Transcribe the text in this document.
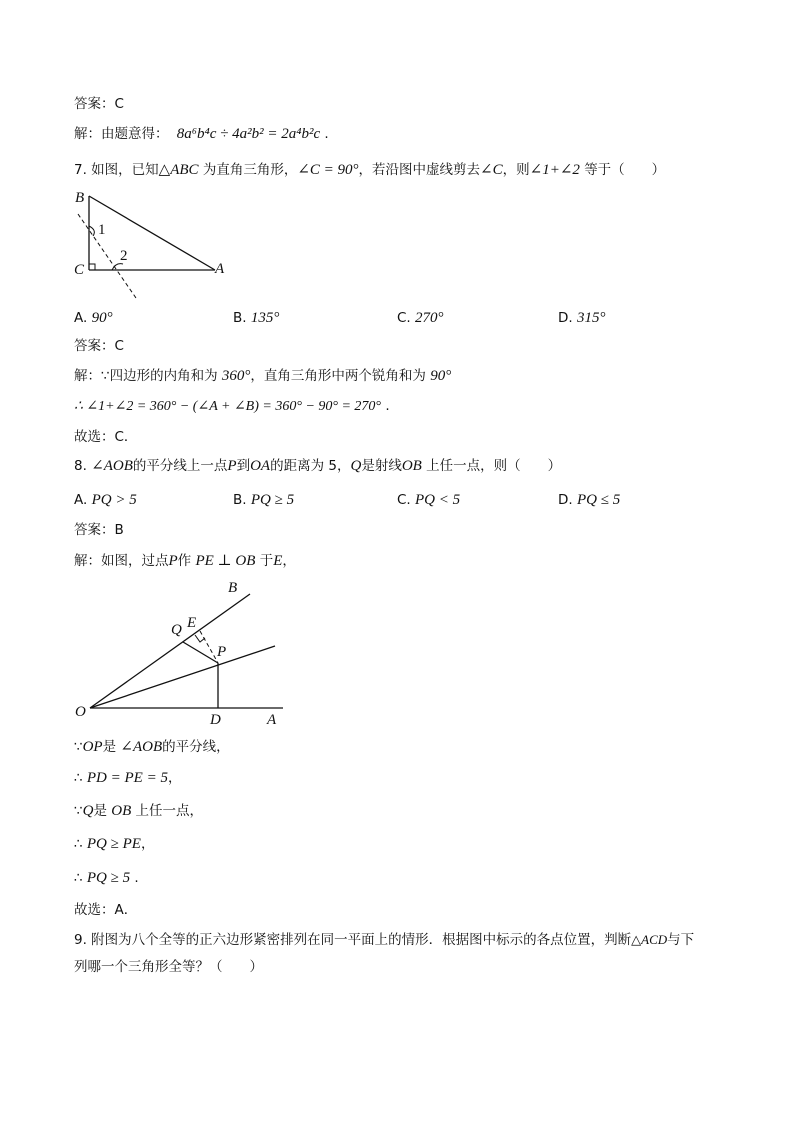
答案：C
解：由题意得： 8a⁶b⁴c ÷ 4a²b² = 2a⁴b²c .
7. 如图，已知△ABC 为直角三角形，∠C = 90°，若沿图中虚线剪去∠C，则∠1+∠2 等于（　　）
B
C	A
1
2
A. 90°	B. 135°	C. 270°	D. 315°
答案：C
解：∵四边形的内角和为 360°，直角三角形中两个锐角和为 90°
∴ ∠1+∠2 = 360° − (∠A + ∠B) = 360° − 90° = 270° .
故选：C．
8. ∠AOB的平分线上一点P到OA的距离为 5，Q是射线OB 上任一点，则（　　）
A. PQ > 5	B. PQ ≥ 5	C. PQ < 5	D. PQ ≤ 5
答案：B
解：如图，过点P作 PE ⊥ OB 于E，
B
E
Q
P
O	D	A
∵OP是 ∠AOB的平分线，
∴ PD = PE = 5，
∵Q是 OB 上任一点，
∴ PQ ≥ PE，
∴ PQ ≥ 5 .
故选：A．
9. 附图为八个全等的正六边形紧密排列在同一平面上的情形．根据图中标示的各点位置，判断△ACD与下
列哪一个三角形全等？（　　）
